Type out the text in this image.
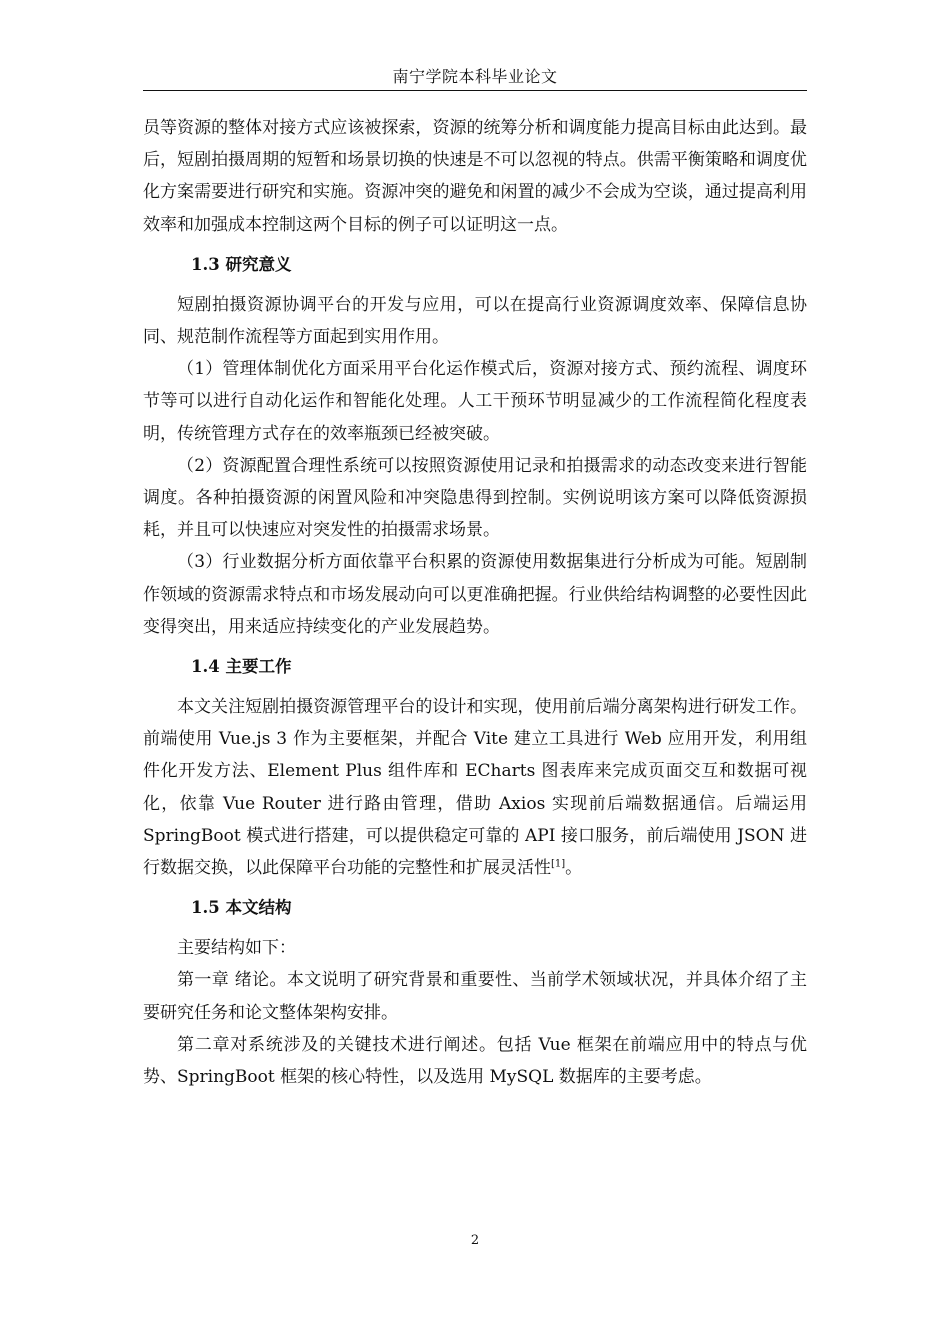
南宁学院本科毕业论文

员等资源的整体对接方式应该被探索，资源的统筹分析和调度能力提高目标由此达到。最后，短剧拍摄周期的短暂和场景切换的快速是不可以忽视的特点。供需平衡策略和调度优化方案需要进行研究和实施。资源冲突的避免和闲置的减少不会成为空谈，通过提高利用效率和加强成本控制这两个目标的例子可以证明这一点。

1.3 研究意义

短剧拍摄资源协调平台的开发与应用，可以在提高行业资源调度效率、保障信息协同、规范制作流程等方面起到实用作用。

（1）管理体制优化方面采用平台化运作模式后，资源对接方式、预约流程、调度环节等可以进行自动化运作和智能化处理。人工干预环节明显减少的工作流程简化程度表明，传统管理方式存在的效率瓶颈已经被突破。

（2）资源配置合理性系统可以按照资源使用记录和拍摄需求的动态改变来进行智能调度。各种拍摄资源的闲置风险和冲突隐患得到控制。实例说明该方案可以降低资源损耗，并且可以快速应对突发性的拍摄需求场景。

（3）行业数据分析方面依靠平台积累的资源使用数据集进行分析成为可能。短剧制作领域的资源需求特点和市场发展动向可以更准确把握。行业供给结构调整的必要性因此变得突出，用来适应持续变化的产业发展趋势。

1.4 主要工作

本文关注短剧拍摄资源管理平台的设计和实现，使用前后端分离架构进行研发工作。前端使用 Vue.js 3 作为主要框架，并配合 Vite 建立工具进行 Web 应用开发，利用组件化开发方法、Element Plus 组件库和 ECharts 图表库来完成页面交互和数据可视化，依靠 Vue Router 进行路由管理，借助 Axios 实现前后端数据通信。后端运用 SpringBoot 模式进行搭建，可以提供稳定可靠的 API 接口服务，前后端使用 JSON 进行数据交换，以此保障平台功能的完整性和扩展灵活性[1]。

1.5 本文结构

主要结构如下：

第一章 绪论。本文说明了研究背景和重要性、当前学术领域状况，并具体介绍了主要研究任务和论文整体架构安排。

第二章对系统涉及的关键技术进行阐述。包括 Vue 框架在前端应用中的特点与优势、SpringBoot 框架的核心特性，以及选用 MySQL 数据库的主要考虑。

2
